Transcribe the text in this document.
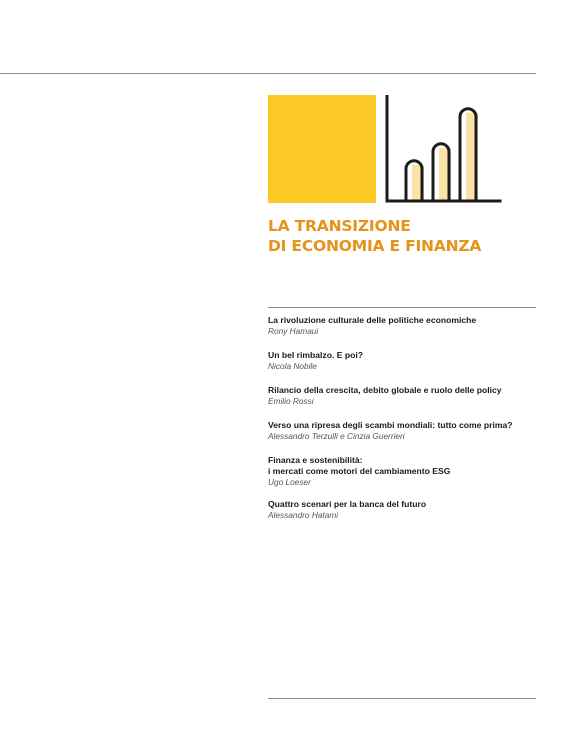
LA TRANSIZIONE
DI ECONOMIA E FINANZA
La rivoluzione culturale delle politiche economiche
Rony Hamaui
Un bel rimbalzo. E poi?
Nicola Nobile
Rilancio della crescita, debito globale e ruolo delle policy
Emilio Rossi
Verso una ripresa degli scambi mondiali: tutto come prima?
Alessandro Terzulli e Cinzia Guerrieri
Finanza e sostenibilità:
i mercati come motori del cambiamento ESG
Ugo Loeser
Quattro scenari per la banca del futuro
Alessandro Hatami
